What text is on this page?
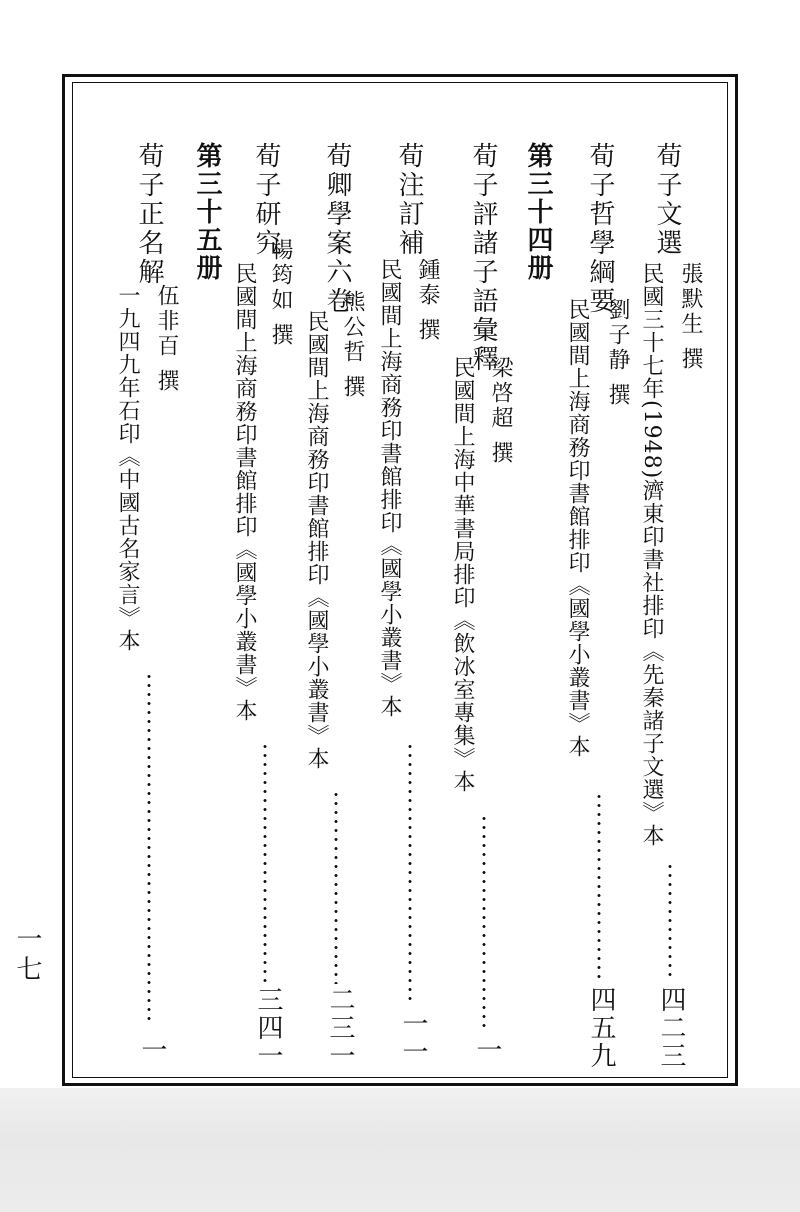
荀子文選
張默生 撰
民國三十七年(1948)濟東印書社排印《先秦諸子文選》本
四二三
荀子哲學綱要
劉子静 撰
民國間上海商務印書館排印《國學小叢書》本
四五九
第三十四册
荀子評諸子語彙釋
梁啓超 撰
民國間上海中華書局排印《飲冰室專集》本
一
荀注訂補
鍾泰 撰
民國間上海商務印書館排印《國學小叢書》本
一一
荀卿學案六卷
熊公哲 撰
民國間上海商務印書館排印《國學小叢書》本
二三一
荀子研究
楊筠如 撰
民國間上海商務印書館排印《國學小叢書》本
三四一
第三十五册
荀子正名解
伍非百 撰
一九四九年石印《中國古名家言》本
一
一七
